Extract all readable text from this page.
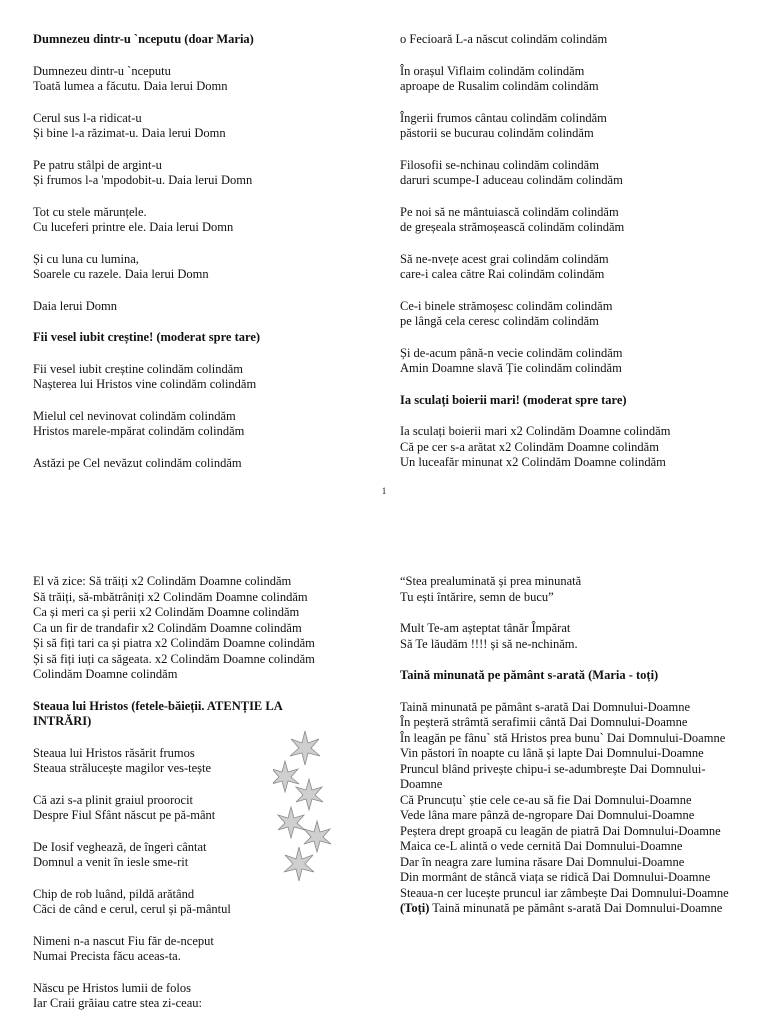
Dumnezeu dintr-u `nceputu (doar Maria)
Dumnezeu dintr-u `nceputu
Toată lumea a făcutu. Daia lerui Domn
Cerul sus l-a ridicat-u
Și bine l-a răzimat-u. Daia lerui Domn
Pe patru stâlpi de argint-u
Și frumos l-a 'mpodobit-u. Daia lerui Domn
Tot cu stele mărunțele.
Cu luceferi printre ele. Daia lerui Domn
Și cu luna cu lumina,
Soarele cu razele. Daia lerui Domn
Daia lerui Domn
Fii vesel iubit creștine! (moderat spre tare)
Fii vesel iubit creștine colindăm colindăm
Nașterea lui Hristos vine colindăm colindăm
Mielul cel nevinovat colindăm colindăm
Hristos marele-mpărat colindăm colindăm
Astăzi pe Cel nevăzut colindăm colindăm
o Fecioară L-a născut colindăm colindăm
În orașul Viflaim colindăm colindăm
aproape de Rusalim colindăm colindăm
Îngerii frumos cântau colindăm colindăm
păstorii se bucurau colindăm colindăm
Filosofii se-nchinau colindăm colindăm
daruri scumpe-I aduceau colindăm colindăm
Pe noi să ne mântuiască colindăm colindăm
de greșeala strămoșească colindăm colindăm
Să ne-nvețe acest grai colindăm colindăm
care-i calea către Rai colindăm colindăm
Ce-i binele strămoșesc colindăm colindăm
pe lângă cela ceresc colindăm colindăm
Și de-acum până-n vecie colindăm colindăm
Amin Doamne slavă Ție colindăm colindăm
Ia sculați boierii mari! (moderat spre tare)
Ia sculați boierii mari x2 Colindăm Doamne colindăm
Că pe cer s-a arătat x2 Colindăm Doamne colindăm
Un luceafăr minunat x2 Colindăm Doamne colindăm
1
El vă zice: Să trăiți x2 Colindăm Doamne colindăm
Să trăiți, să-mbătrâniți x2 Colindăm Doamne colindăm
Ca și meri ca și perii x2 Colindăm Doamne colindăm
Ca un fir de trandafir x2 Colindăm Doamne colindăm
Și să fiți tari ca și piatra x2 Colindăm Doamne colindăm
Și să fiți iuți ca săgeata. x2 Colindăm Doamne colindăm
Colindăm Doamne colindăm
Steaua lui Hristos (fetele-băieții. ATENȚIE LA INTRĂRI)
Steaua lui Hristos răsărit frumos
Steaua strălucește magilor ves-tește
Că azi s-a plinit graiul proorocit
Despre Fiul Sfânt născut pe pă-mânt
De Iosif veghează, de îngeri cântat
Domnul a venit în iesle sme-rit
Chip de rob luând, pildă arătând
Căci de când e cerul, cerul și pă-mântul
Nimeni n-a nascut Fiu făr de-nceput
Numai Precista făcu aceas-ta.
Născu pe Hristos lumii de folos
Iar Craii grăiau catre stea zi-ceau:
“Stea prealuminată și prea minunată
Tu ești întărire, semn de bucu”
Mult Te-am așteptat tânăr Împărat
Să Te lăudăm !!!! și să ne-nchinăm.
Taină minunată pe pământ s-arată (Maria - toți)
Taină minunată pe pământ s-arată Dai Domnului-Doamne
În peșteră strâmtă serafimii cântă Dai Domnului-Doamne
În leagăn pe fânu` stă Hristos prea bunu` Dai Domnului-Doamne
Vin păstori în noapte cu lână și lapte Dai Domnului-Doamne
Pruncul blând privește chipu-i se-adumbrește Dai Domnului-Doamne
Că Pruncuțu` știe cele ce-au să fie Dai Domnului-Doamne
Vede lâna mare pânză de-ngropare Dai Domnului-Doamne
Peștera drept groapă cu leagăn de piatră Dai Domnului-Doamne
Maica ce-L alintă o vede cernită Dai Domnului-Doamne
Dar în neagra zare lumina răsare Dai Domnului-Doamne
Din mormânt de stâncă viața se ridică Dai Domnului-Doamne
Steaua-n cer lucește pruncul iar zâmbește Dai Domnului-Doamne
(Toți) Taină minunată pe pământ s-arată Dai Domnului-Doamne
